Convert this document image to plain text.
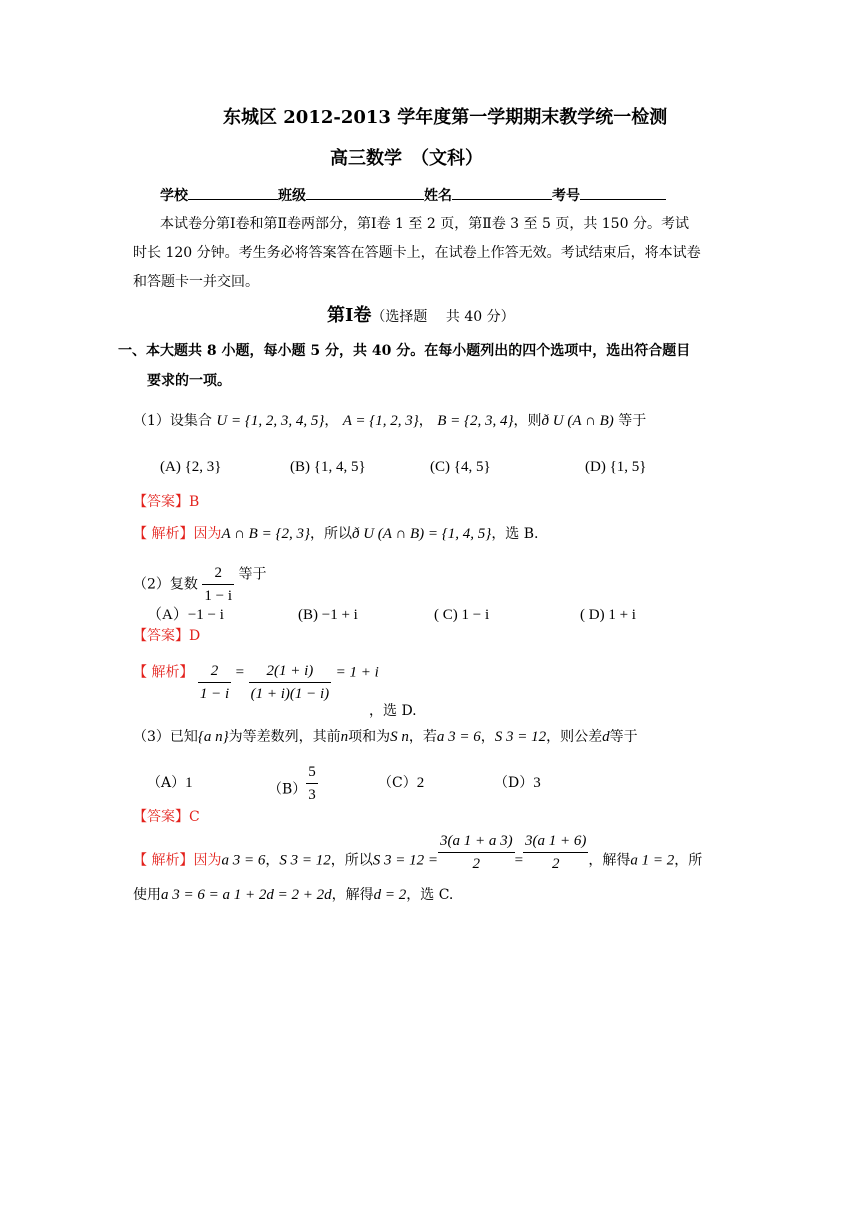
东城区 2012-2013 学年度第一学期期末教学统一检测
高三数学　（文科）
学校	班级	姓名	考号
本试卷分第Ⅰ卷和第Ⅱ卷两部分，第Ⅰ卷 1 至 2 页，第Ⅱ卷 3 至 5 页，共 150 分。考试
时长 120 分钟。考生务必将答案答在答题卡上，在试卷上作答无效。考试结束后，将本试卷
和答题卡一并交回。
第Ⅰ卷（选择题　 共 40 分）
一、本大题共 8 小题，每小题 5 分，共 40 分。在每小题列出的四个选项中，选出符合题目
要求的一项。
（1）设集合 U = {1, 2, 3, 4, 5}， A = {1, 2, 3}， B = {2, 3, 4}，则ð U (A ∩ B) 等于
(A) {2, 3}	(B) {1, 4, 5}	(C) {4, 5}	(D) {1, 5}
【答案】B
【 解析】因为A ∩ B = {2, 3}，所以ð U (A ∩ B) = {1, 4, 5}，选 B.
（2）复数 $\frac{2}{1 - i}$ 等于
（A）−1 − i	(B) −1 + i	( C) 1 − i	( D) 1 + i
【答案】D
【 解析】 $\frac{2}{1 - i} = \frac{2(1 + i)}{(1 + i)(1 - i)} = 1 + i$
，选 D.
（3）已知{a n}为等差数列，其前n项和为S n，若a 3 = 6，S 3 = 12，则公差d等于
（A）1	$(B) \frac{5}{3}$	（C）2	（D）3
【答案】C
【 解析】因为a 3 = 6，S 3 = 12，所以S $3 = 12 = \frac{3(a 1 + a 3)}{2} = \frac{3(a 1 + 6)}{2}$ ，解得a 1 = 2，所
使用a 3 = 6 = a 1 + 2d = 2 + 2d，解得d = 2，选 C.
